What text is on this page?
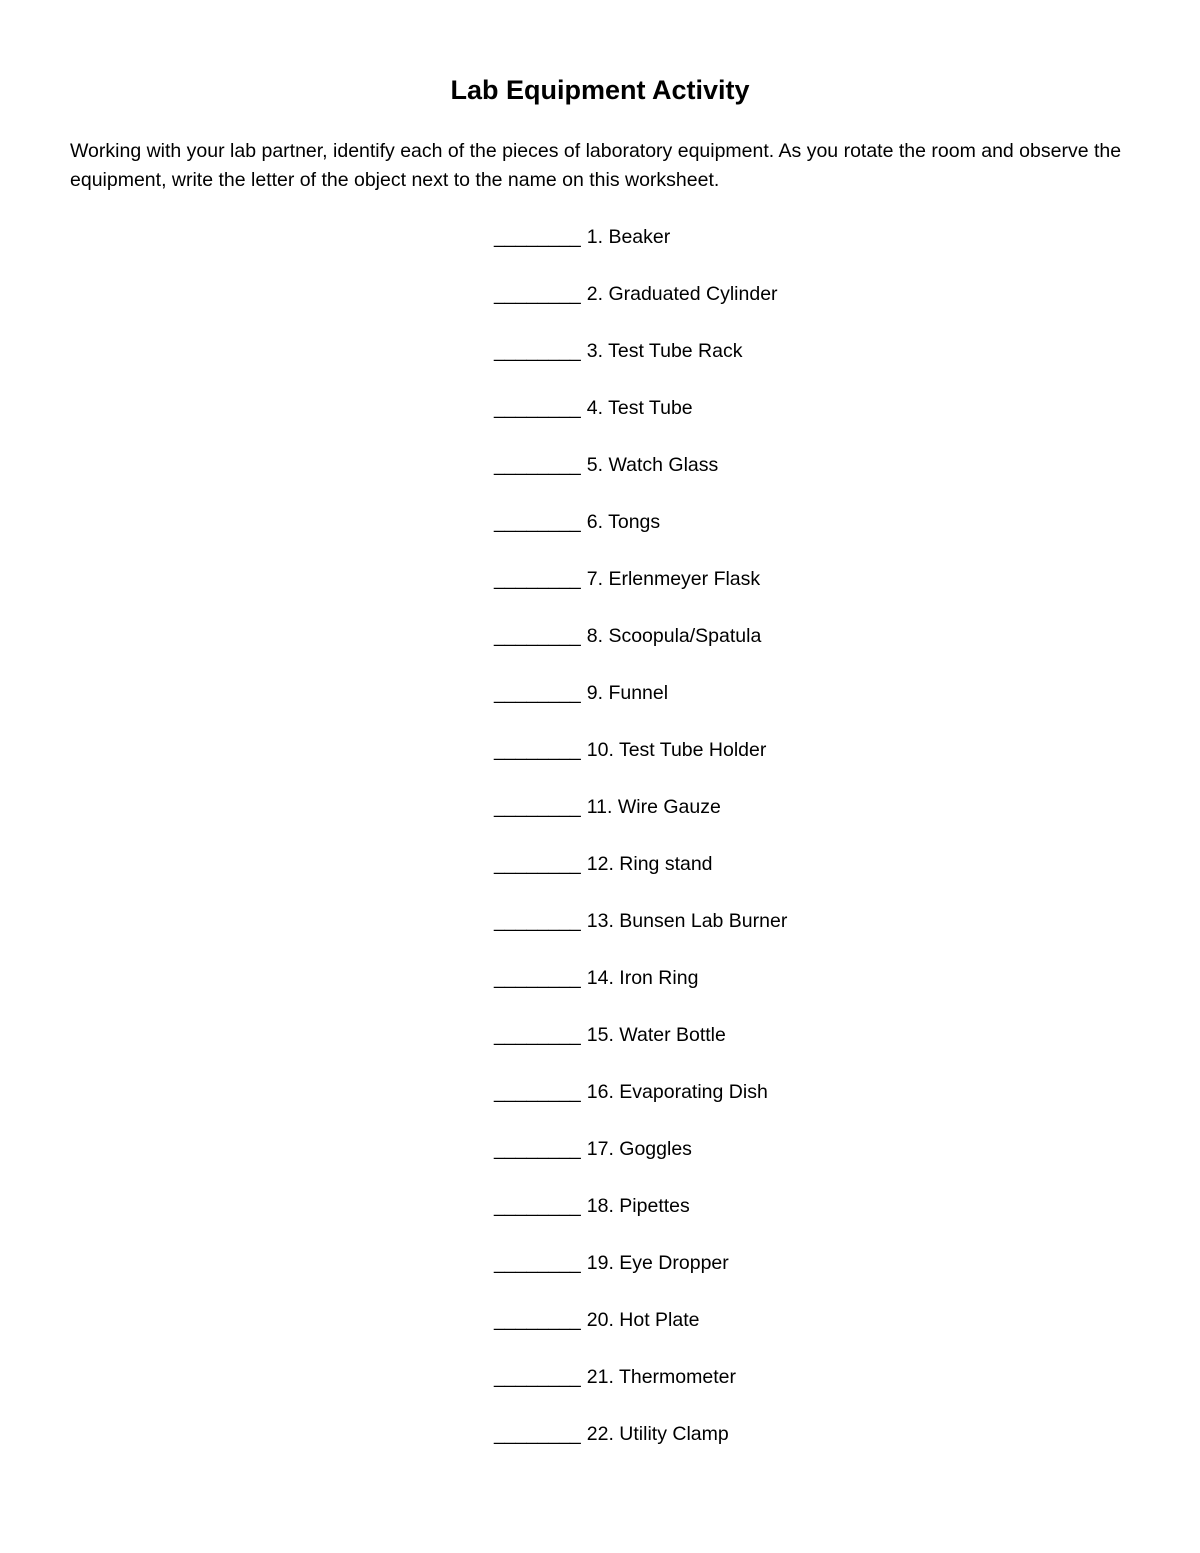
Lab Equipment Activity

Working with your lab partner, identify each of the pieces of laboratory equipment. As you rotate the room and observe the equipment, write the letter of the object next to the name on this worksheet.

________ 1. Beaker
________ 2. Graduated Cylinder
________ 3. Test Tube Rack
________ 4. Test Tube
________ 5. Watch Glass
________ 6. Tongs
________ 7. Erlenmeyer Flask
________ 8. Scoopula/Spatula
________ 9. Funnel
________ 10. Test Tube Holder
________ 11. Wire Gauze
________ 12. Ring stand
________ 13. Bunsen Lab Burner
________ 14. Iron Ring
________ 15. Water Bottle
________ 16. Evaporating Dish
________ 17. Goggles
________ 18. Pipettes
________ 19. Eye Dropper
________ 20. Hot Plate
________ 21. Thermometer
________ 22. Utility Clamp
